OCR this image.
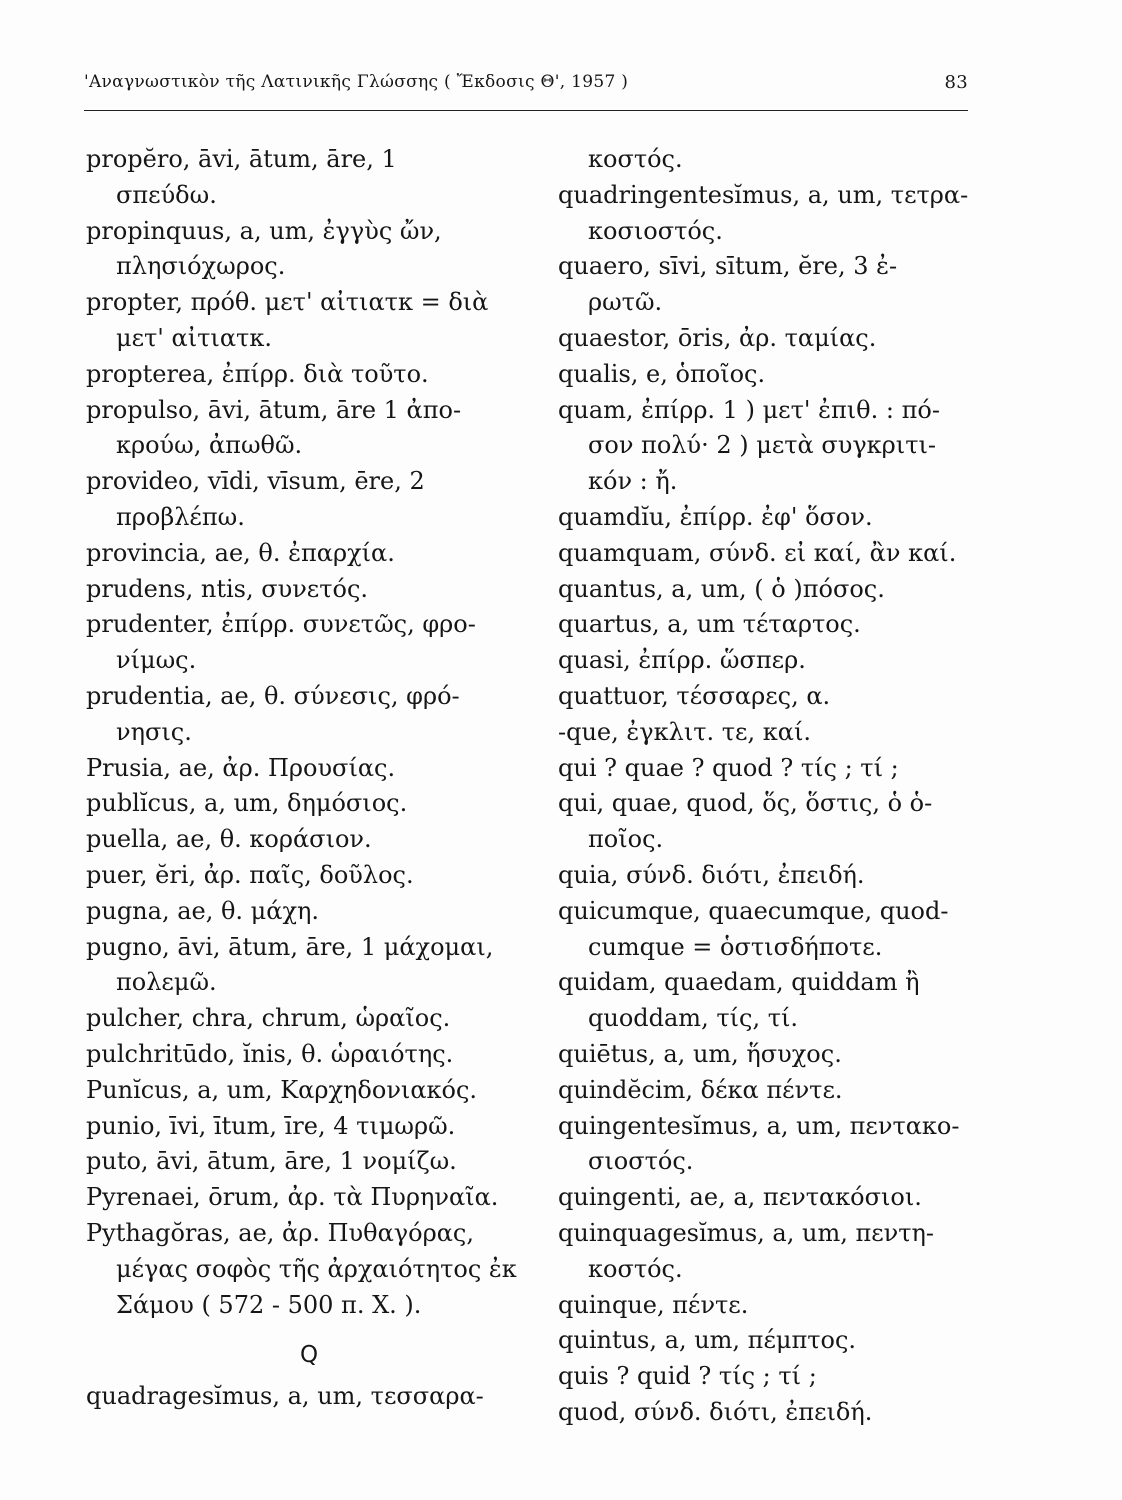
'Αναγνωστικὸν τῆς Λατινικῆς Γλώσσης ( Ἔκδοσις Θ', 1957 )	83
propĕro, āvi, ātum, āre, 1
σπεύδω.
propinquus, a, um, ἐγγὺς ὤν,
πλησιόχωρος.
propter, πρόθ. μετ' αἰτιατκ = διὰ
μετ' αἰτιατκ.
propterea, ἐπίρρ. διὰ τοῦτο.
propulso, āvi, ātum, āre 1 ἀπο-
κρούω, ἀπωθῶ.
provideo, vīdi, vīsum, ēre, 2
προβλέπω.
provincia, ae, θ. ἐπαρχία.
prudens, ntis, συνετός.
prudenter, ἐπίρρ. συνετῶς, φρο-
νίμως.
prudentia, ae, θ. σύνεσις, φρό-
νησις.
Prusia, ae, ἀρ. Προυσίας.
publĭcus, a, um, δημόσιος.
puella, ae, θ. κοράσιον.
puer, ĕri, ἀρ. παῖς, δοῦλος.
pugna, ae, θ. μάχη.
pugno, āvi, ātum, āre, 1 μάχομαι,
πολεμῶ.
pulcher, chra, chrum, ὡραῖος.
pulchritūdo, ĭnis, θ. ὡραιότης.
Punĭcus, a, um, Καρχηδονιακός.
punio, īvi, ītum, īre, 4 τιμωρῶ.
puto, āvi, ātum, āre, 1 νομίζω.
Pyrenaei, ōrum, ἀρ. τὰ Πυρηναῖα.
Pythagŏras, ae, ἀρ. Πυθαγόρας,
μέγας σοφὸς τῆς ἀρχαιότητος ἐκ
Σάμου ( 572 - 500 π. Χ. ).
Q
quadragesĭmus, a, um, τεσσαρα-
κοστός.
quadringentesĭmus, a, um, τετρα-
κοσιοστός.
quaero, sīvi, sītum, ĕre, 3 ἐ-
ρωτῶ.
quaestor, ōris, ἀρ. ταμίας.
qualis, e, ὁποῖος.
quam, ἐπίρρ. 1 ) μετ' ἐπιθ. : πό-
σον πολύ· 2 ) μετὰ συγκριτι-
κόν : ἤ.
quamdĭu, ἐπίρρ. ἐφ' ὅσον.
quamquam, σύνδ. εἰ καί, ἂν καί.
quantus, a, um, ( ὁ )πόσος.
quartus, a, um τέταρτος.
quasi, ἐπίρρ. ὥσπερ.
quattuor, τέσσαρες, α.
-que, ἐγκλιτ. τε, καί.
qui ? quae ? quod ? τίς ; τί ;
qui, quae, quod, ὅς, ὅστις, ὁ ὁ-
ποῖος.
quia, σύνδ. διότι, ἐπειδή.
quicumque, quaecumque, quod-
cumque = ὁστισδήποτε.
quidam, quaedam, quiddam ἢ
quoddam, τίς, τί.
quiētus, a, um, ἥσυχος.
quindĕcim, δέκα πέντε.
quingentesĭmus, a, um, πεντακο-
σιοστός.
quingenti, ae, a, πεντακόσιοι.
quinquagesĭmus, a, um, πεντη-
κοστός.
quinque, πέντε.
quintus, a, um, πέμπτος.
quis ? quid ? τίς ; τί ;
quod, σύνδ. διότι, ἐπειδή.
